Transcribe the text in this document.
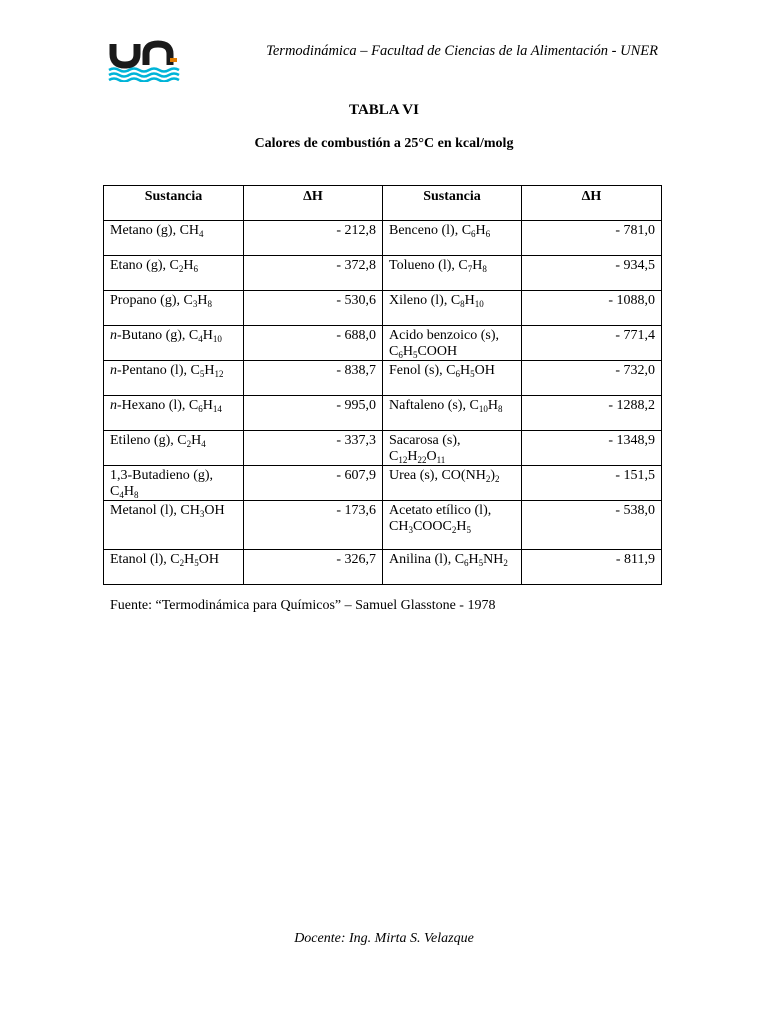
Termodinámica – Facultad de Ciencias de la Alimentación - UNER
TABLA VI
Calores de combustión a 25°C en kcal/molg
Sustancia	ΔH	Sustancia	ΔH
Metano (g), $CH_4$	- 212,8	Benceno (l), $C_6H_6$	- 781,0
Etano (g), $C_2H_6$	- 372,8	Tolueno (l), $C_7H_8$	- 934,5
Propano (g), $C_3H_8$	- 530,6	Xileno (l), $C_8H_{10}$	- 1088,0
n-Butano (g), $C_4H_{10}$	- 688,0	Acido benzoico (s), $C_6H_5COOH$	- 771,4
n-Pentano (l), $C_5H_{12}$	- 838,7	Fenol (s), $C_6H_5OH$	- 732,0
n-Hexano (l), $C_6H_{14}$	- 995,0	Naftaleno (s), $C_{10}H_8$	- 1288,2
Etileno (g), $C_2H_4$	- 337,3	Sacarosa (s), $C_{12}H_{22}O_{11}$	- 1348,9
1,3-Butadieno (g), $C_4H_8$	- 607,9	Urea (s), $CO(NH_2)_2$	- 151,5
Metanol (l), $CH_3OH$	- 173,6	Acetato etílico (l), $CH_3COOC_2H_5$	- 538,0
Etanol (l), $C_2H_5OH$	- 326,7	Anilina (l), $C_6H_5NH_2$	- 811,9
Fuente: “Termodinámica para Químicos” – Samuel Glasstone - 1978
Docente: Ing. Mirta S. Velazque
